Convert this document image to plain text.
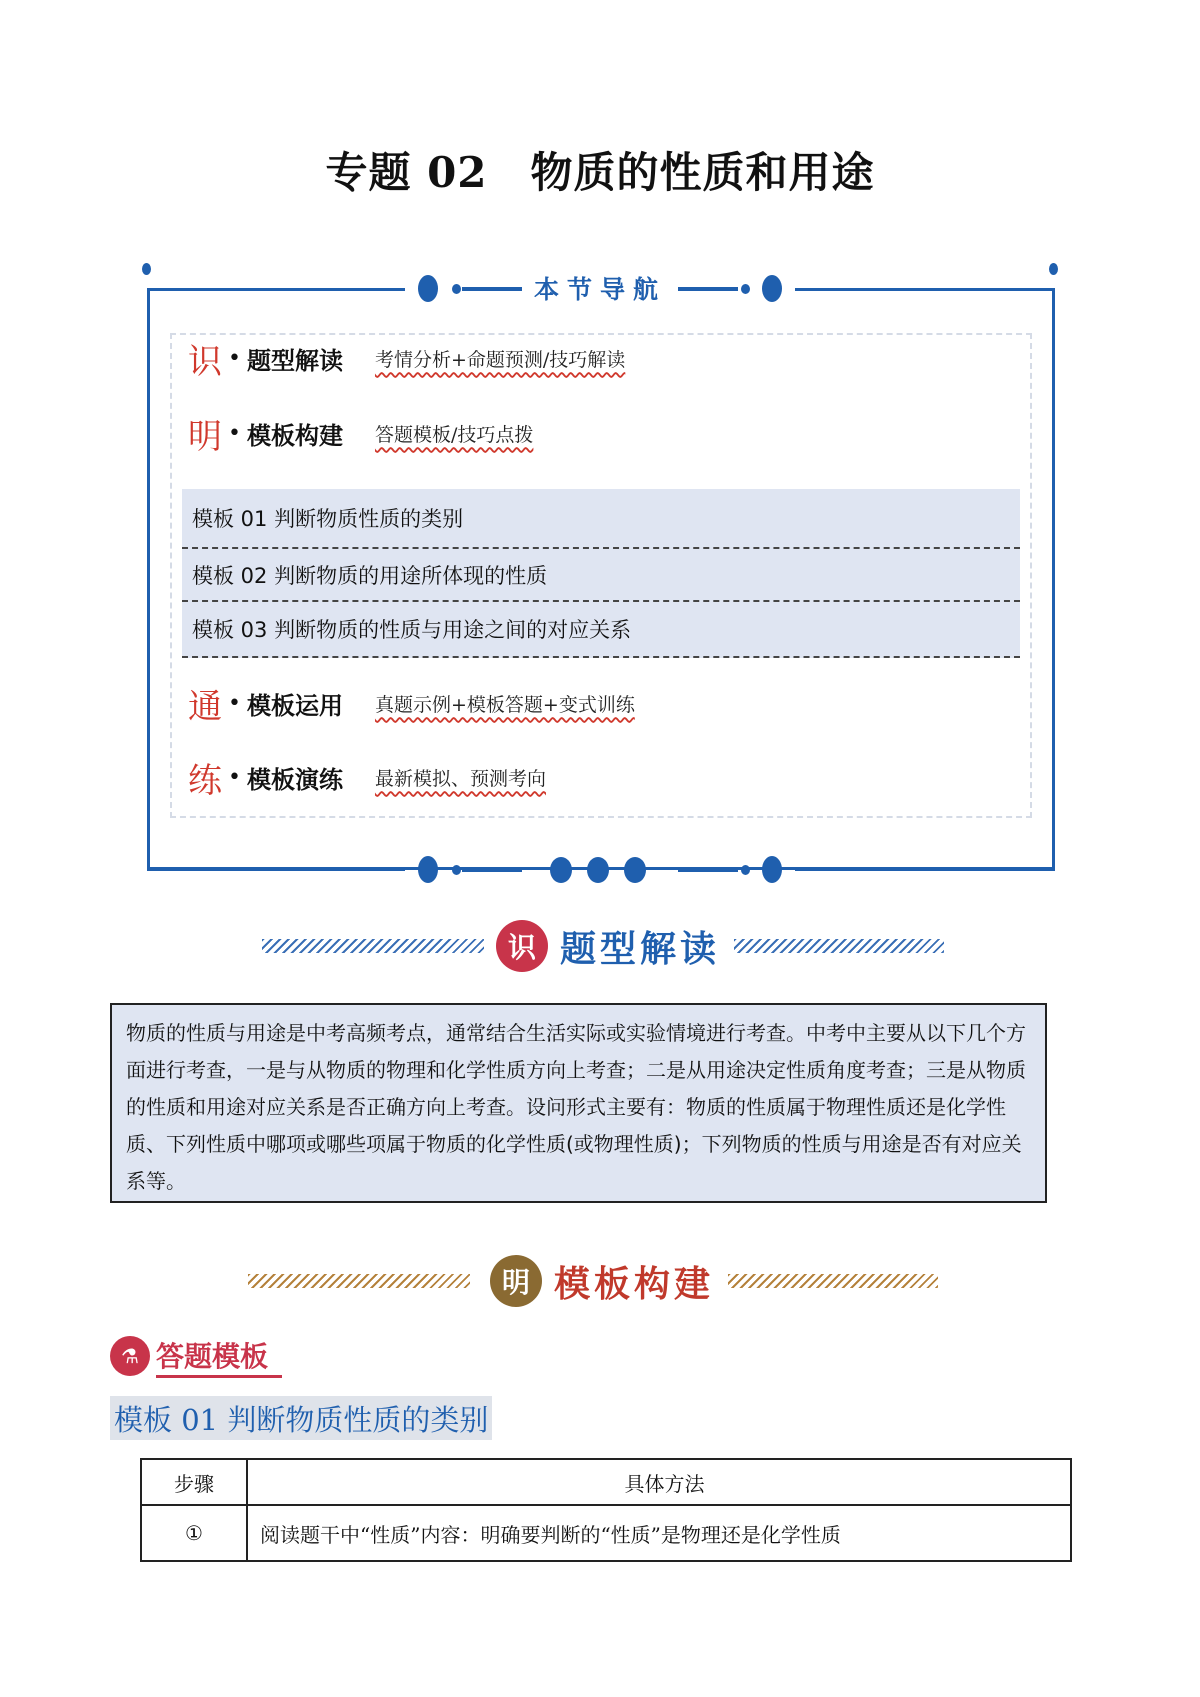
专题 02　物质的性质和用途
本节导航
识 • 题型解读	考情分析+命题预测/技巧解读
明 • 模板构建	答题模板/技巧点拨
模板 01 判断物质性质的类别
模板 02 判断物质的用途所体现的性质
模板 03 判断物质的性质与用途之间的对应关系
通 • 模板运用	真题示例+模板答题+变式训练
练 • 模板演练	最新模拟、预测考向
识 题型解读
物质的性质与用途是中考高频考点，通常结合生活实际或实验情境进行考查。中考中主要从以下几个方面进行考查，一是与从物质的物理和化学性质方向上考查；二是从用途决定性质角度考查；三是从物质的性质和用途对应关系是否正确方向上考查。设问形式主要有：物质的性质属于物理性质还是化学性质、下列性质中哪项或哪些项属于物质的化学性质(或物理性质)；下列物质的性质与用途是否有对应关系等。
明 模板构建
⚗ 答题模板
模板 01 判断物质性质的类别
步骤	具体方法
①	阅读题干中“性质”内容：明确要判断的“性质”是物理还是化学性质
